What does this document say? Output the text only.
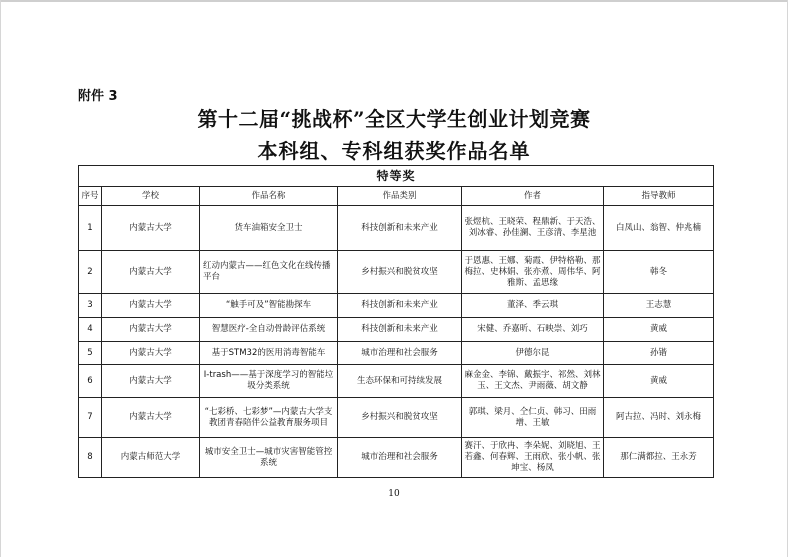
附件 3
第十二届“挑战杯”全区大学生创业计划竞赛
本科组、专科组获奖作品名单
特等奖					
序号	学校	作品名称	作品类别	作者	指导教师
1	内蒙古大学	货车油箱安全卫士	科技创新和未来产业	张煜杭、王晓荣、程鼎新、于天浩、刘冰睿、孙佳澜、王彦清、李星池	白凤山、翁智、仲兆楠
2	内蒙古大学	红动内蒙古——红色文化在线传播平台	乡村振兴和脱贫攻坚	于恩惠、王娜、菊霞、伊特格勒、那梅拉、史林娟、张亦煮、周伟华、阿雅斯、孟思缘	韩冬
3	内蒙古大学	“触手可及”智能勘探车	科技创新和未来产业	董泽、季云琪	王志慧
4	内蒙古大学	智慧医疗-全自动骨龄评估系统	科技创新和未来产业	宋健、乔嘉昕、石映崇、刘巧	黄威
5	内蒙古大学	基于STM32的医用消毒智能车	城市治理和社会服务	伊德尔昆	孙锴
6	内蒙古大学	I-trash——基于深度学习的智能垃圾分类系统	生态环保和可持续发展	麻金金、李锦、戴振宇、祁然、刘林玉、王文杰、尹雨薇、胡文静	黄威
7	内蒙古大学	“七彩桥、七彩梦”—内蒙古大学支教团青春陪伴公益教育服务项目	乡村振兴和脱贫攻坚	郭琪、梁月、仝仁贞、韩习、田雨增、王敏	阿古拉、冯时、刘永梅
8	内蒙古师范大学	城市安全卫士—城市灾害智能管控系统	城市治理和社会服务	赛汗、于欣冉、李朵妮、刘晓旭、王若鑫、何春辉、王雨欣、张小帆、张坤宝、杨凤	那仁满都拉、王永芳
10
